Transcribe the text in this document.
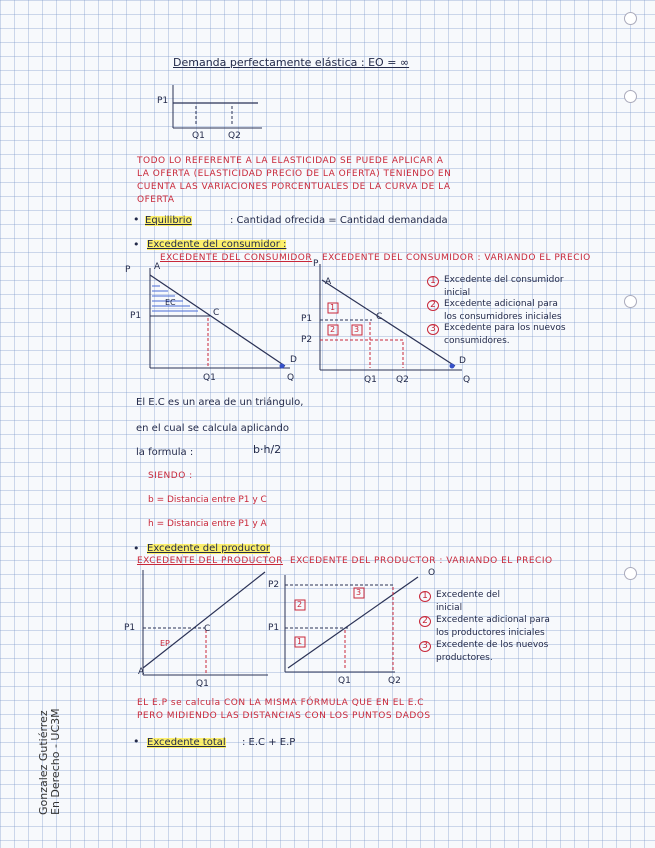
Demanda perfectamente elástica : EO = ∞
P1
Q1	Q2
TODO LO REFERENTE A LA ELASTICIDAD SE PUEDE APLICAR A
LA OFERTA (ELASTICIDAD PRECIO DE LA OFERTA) TENIENDO EN
CUENTA LAS VARIACIONES PORCENTUALES DE LA CURVA DE LA
OFERTA
• Equilibrio	: Cantidad ofrecida = Cantidad demandada
• Excedente del consumidor :
EXCEDENTE DEL CONSUMIDOR EXCEDENTE DEL CONSUMIDOR : VARIANDO EL PRECIO
P	A
EC
P1	C
D
Q1	Q
P
A
P1
P2
1
2 3
C
D
Q1 Q2	Q
1 Excedente del consumidor
inicial
2 Excedente adicional para
los consumidores iniciales
3 Excedente para los nuevos
consumidores.
El E.C es un area de un triángulo,
en el cual se calcula aplicando
la formula :	b·h/2
SIENDO :
b = Distancia entre P1 y C
h = Distancia entre P1 y A
• Excedente del productor
EXCEDENTE DEL PRODUCTOR EXCEDENTE DEL PRODUCTOR : VARIANDO EL PRECIO
P1	C
EP
A
Q1
O
P2
P1
1
2
3
Q1	Q2
1 Excedente del
inicial
2 Excedente adicional para
los productores iniciales
3 Excedente de los nuevos
productores.
EL E.P se calcula CON LA MISMA FÓRMULA QUE EN EL E.C
PERO MIDIENDO LAS DISTANCIAS CON LOS PUNTOS DADOS
• Excedente total : E.C + E.P
Gonzalez Gutiérrez En Derecho - UC3M
